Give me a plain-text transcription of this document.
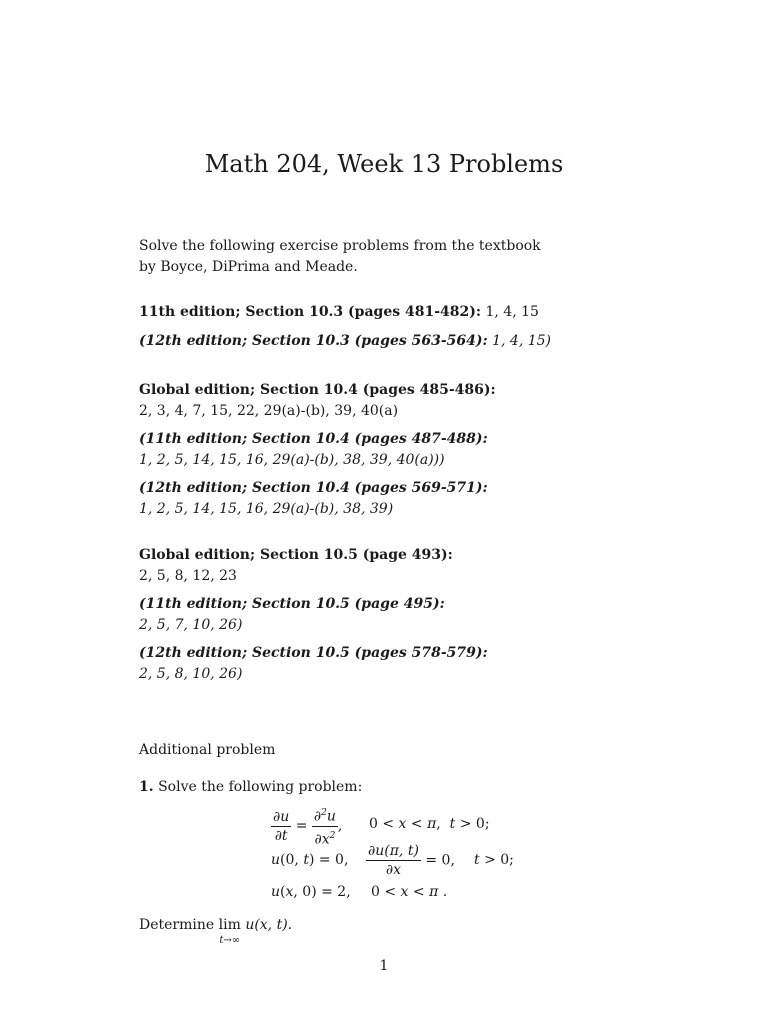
Math 204, Week 13 Problems
Solve the following exercise problems from the textbook
by Boyce, DiPrima and Meade.
11th edition; Section 10.3 (pages 481-482): 1, 4, 15
(12th edition; Section 10.3 (pages 563-564): 1, 4, 15)
Global edition; Section 10.4 (pages 485-486):
2, 3, 4, 7, 15, 22, 29(a)-(b), 39, 40(a)
(11th edition; Section 10.4 (pages 487-488):
1, 2, 5, 14, 15, 16, 29(a)-(b), 38, 39, 40(a)))
(12th edition; Section 10.4 (pages 569-571):
1, 2, 5, 14, 15, 16, 29(a)-(b), 38, 39)
Global edition; Section 10.5 (page 493):
2, 5, 8, 12, 23
(11th edition; Section 10.5 (page 495):
2, 5, 7, 10, 26)
(12th edition; Section 10.5 (pages 578-579):
2, 5, 8, 10, 26)
Additional problem
1. Solve the following problem:
$\frac{\partial u}{\partial t} = \frac{\partial^2u}{\partial x^2}$ , 0 < x < π,  t > 0;
u(0, t) = 0, $\frac{\partial u(\pi, t)}{\partial x} = 0$, t > 0;
u(x, 0) = 2, 0 < x < π .
Determine lim
t→∞
u(x, t).
1
